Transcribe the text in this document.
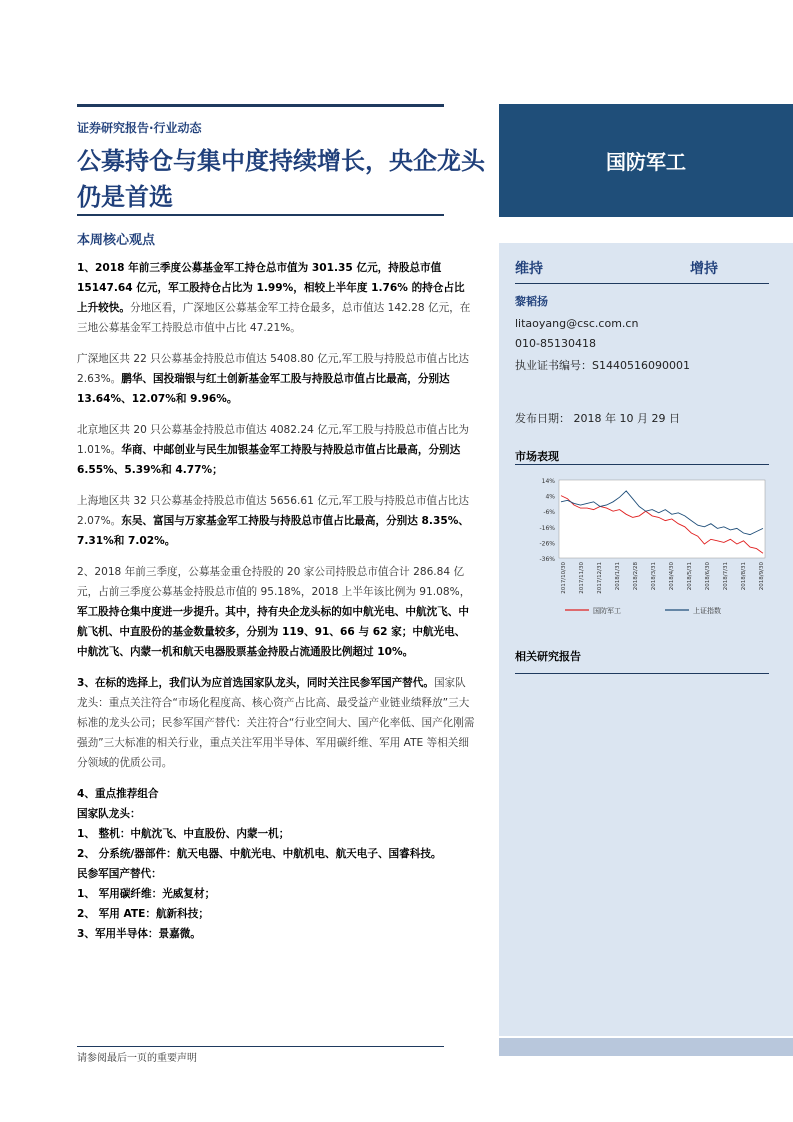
证券研究报告·行业动态
公募持仓与集中度持续增长，央企龙头仍是首选
本周核心观点

1、2018 年前三季度公募基金军工持仓总市值为 301.35 亿元，持股总市值 15147.64 亿元，军工股持仓占比为 1.99%，相较上半年度 1.76% 的持仓占比上升较快。分地区看，广深地区公募基金军工持仓最多，总市值达 142.28 亿元，在三地公募基金军工持股总市值中占比 47.21%。

广深地区共 22 只公募基金持股总市值达 5408.80 亿元,军工股与持股总市值占比达 2.63%。鹏华、国投瑞银与红土创新基金军工股与持股总市值占比最高，分别达 13.64%、12.07%和 9.96%。

北京地区共 20 只公募基金持股总市值达 4082.24 亿元,军工股与持股总市值占比为 1.01%。华商、中邮创业与民生加银基金军工持股与持股总市值占比最高，分别达 6.55%、5.39%和 4.77%；

上海地区共 32 只公募基金持股总市值达 5656.61 亿元,军工股与持股总市值占比达 2.07%。东吴、富国与万家基金军工持股与持股总市值占比最高，分别达 8.35%、7.31%和 7.02%。

2、2018 年前三季度，公募基金重仓持股的 20 家公司持股总市值合计 286.84 亿元，占前三季度公募基金持股总市值的 95.18%，2018 上半年该比例为 91.08%，军工股持仓集中度进一步提升。其中，持有央企龙头标的如中航光电、中航沈飞、中航飞机、中直股份的基金数量较多，分别为 119、91、66 与 62 家；中航光电、中航沈飞、内蒙一机和航天电器股票基金持股占流通股比例超过 10%。

3、在标的选择上，我们认为应首选国家队龙头，同时关注民参军国产替代。国家队龙头：重点关注符合“市场化程度高、核心资产占比高、最受益产业链业绩释放”三大标准的龙头公司；民参军国产替代：关注符合“行业空间大、国产化率低、国产化刚需强劲”三大标准的相关行业，重点关注军用半导体、军用碳纤维、军用 ATE 等相关细分领域的优质公司。

4、重点推荐组合

国家队龙头：

1、 整机：中航沈飞、中直股份、内蒙一机；

2、 分系统/器部件：航天电器、中航光电、中航机电、航天电子、国睿科技。

民参军国产替代：

1、 军用碳纤维：光威复材；

2、 军用 ATE：航新科技；

3、军用半导体：景嘉微。

请参阅最后一页的重要声明
国防军工
维持	增持
黎韬扬
litaoyang@csc.com.cn
010-85130418
执业证书编号：S1440516090001
发布日期： 2018 年 10 月 29 日
市场表现
14%
4%
-6%
-16%
-26%
-36%
2017/10/30 2017/11/30 2017/12/31 2018/1/31 2018/2/28 2018/3/31 2018/4/30 2018/5/31 2018/6/30 2018/7/31 2018/8/31 2018/9/30
国防军工	上证指数
相关研究报告
